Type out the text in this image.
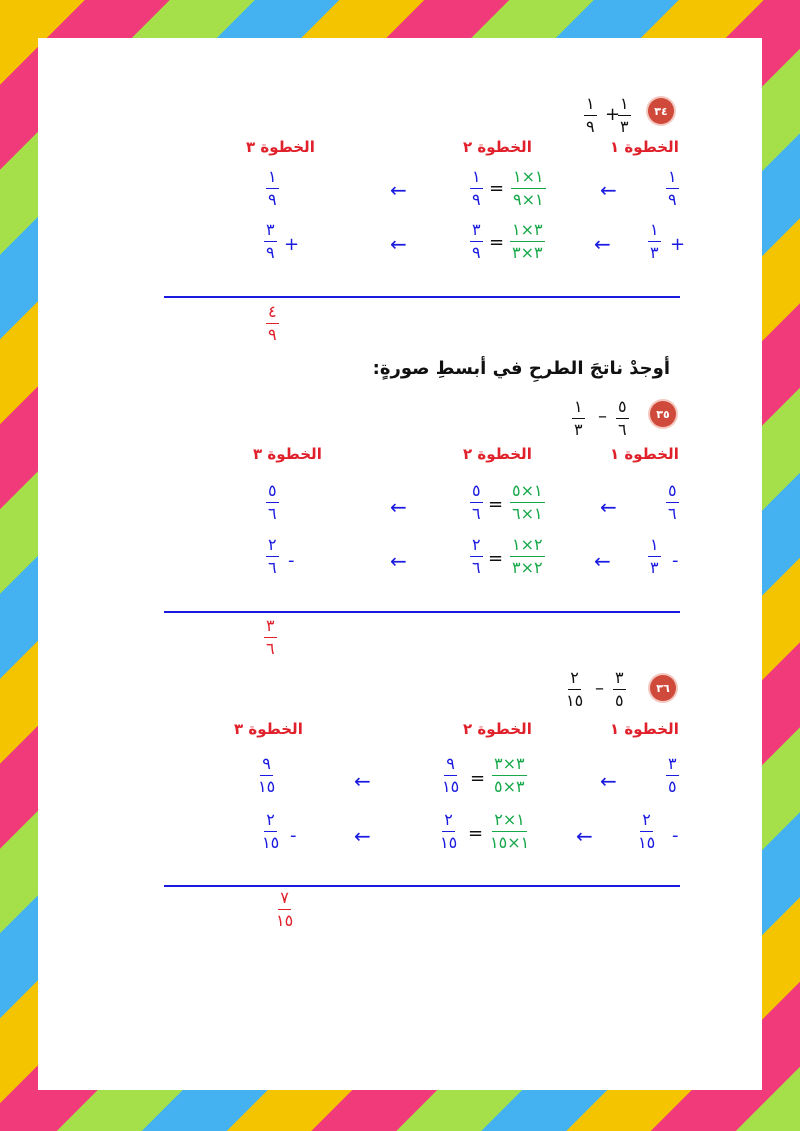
٣٤
١
٣
+
١
٩
الخطوة ١
الخطوة ٢
الخطوة ٣
١
٩
←
١×١
١×٩
=
١
٩
←
١
٩
+
١
٣
←
٣×١
٣×٣
=
٣
٩
←
+
٣
٩
٤
٩
أوجدْ ناتجَ الطرحِ في أبسطِ صورةٍ:
٣٥
٥
٦
–
١
٣
الخطوة ١
الخطوة ٢
الخطوة ٣
٥
٦
←
١×٥
١×٦
=
٥
٦
←
٥
٦
-
١
٣
←
٢×١
٢×٣
=
٢
٦
←
-
٢
٦
٣
٦
٣٦
٣
٥
–
٢
١٥
الخطوة ١
الخطوة ٢
الخطوة ٣
٣
٥
←
٣×٣
٣×٥
=
٩
١٥
←
٩
١٥
-
٢
١٥
←
١×٢
١×١٥
=
٢
١٥
←
-
٢
١٥
٧
١٥
